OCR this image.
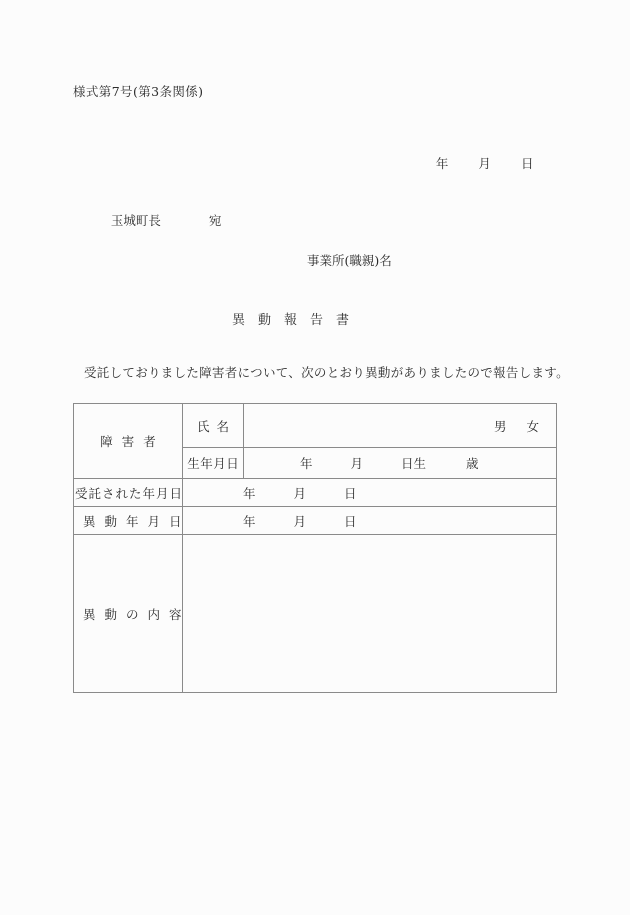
様式第7号(第3条関係)

年 月 日

玉城町長	宛

事業所(職親)名
異動報告書
受託しておりました障害者について、次のとおり異動がありましたので報告します。
障害者	氏名	男 女

	生年月日	年 月 日生 歳

受託された年月日	年 月 日	

異動年月日	年 月 日	

異動の内容		
